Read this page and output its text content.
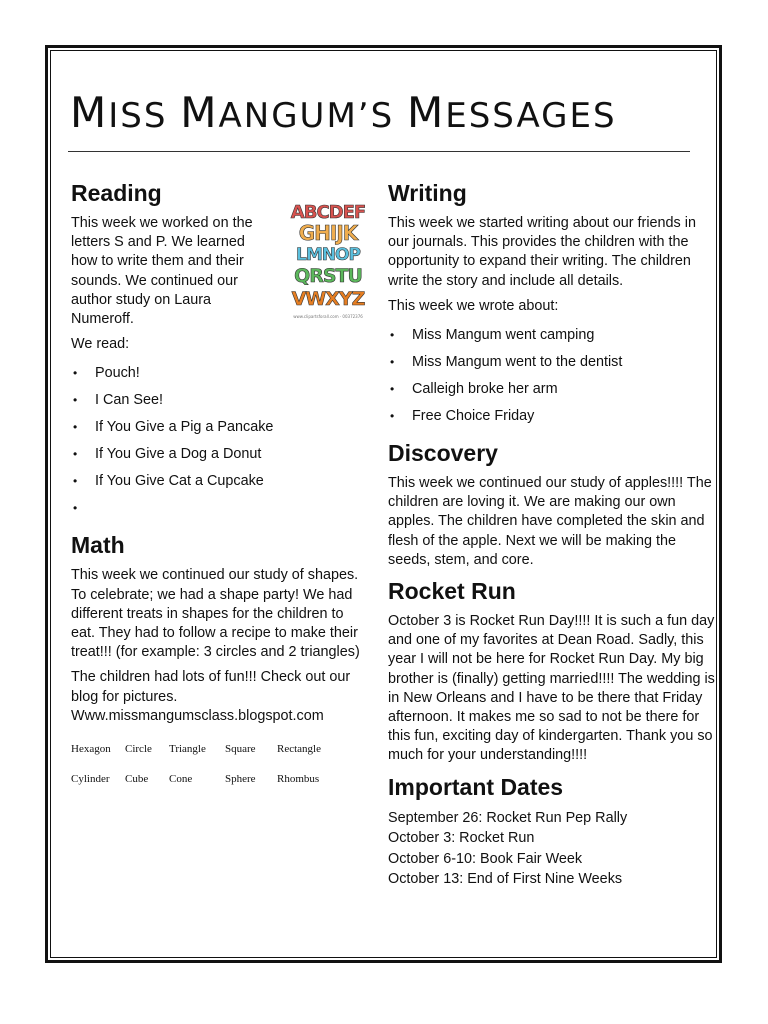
MISS MANGUM’S MESSAGES
Reading

This week we worked on the letters S and P. We learned how to write them and their sounds. We continued our author study on Laura Numeroff.

ABCDEF
GHIJK
LMNOP
QRSTU
VWXYZ
www.clipartsforall.com · 00372376

We read:

• Pouch!
• I Can See!
• If You Give a Pig a Pancake
• If You Give a Dog a Donut
• If You Give Cat a Cupcake
•
Math

This week we continued our study of shapes. To celebrate; we had a shape party! We had different treats in shapes for the children to eat. They had to follow a recipe to make their treat!!! (for example: 3 circles and 2 triangles)

The children had lots of fun!!! Check out our blog for pictures.
Www.missmangumsclass.blogspot.com

Hexagon Circle Triangle Square Rectangle
Cylinder Cube Cone	Sphere Rhombus
Writing

This week we started writing about our friends in our journals. This provides the children with the opportunity to expand their writing. The children write the story and include all details.

This week we wrote about:

• Miss Mangum went camping
• Miss Mangum went to the dentist
• Calleigh broke her arm
• Free Choice Friday
Discovery

This week we continued our study of apples!!!! The children are loving it. We are making our own apples. The children have completed the skin and flesh of the apple. Next we will be making the seeds, stem, and core.

Rocket Run

October 3 is Rocket Run Day!!!! It is such a fun day and one of my favorites at Dean Road. Sadly, this year I will not be here for Rocket Run Day. My big brother is (finally) getting married!!!! The wedding is in New Orleans and I have to be there that Friday afternoon. It makes me so sad to not be there for this fun, exciting day of kindergarten. Thank you so much for your understanding!!!!

Important Dates

September 26: Rocket Run Pep Rally

October 3: Rocket Run

October 6-10: Book Fair Week

October 13: End of First Nine Weeks
